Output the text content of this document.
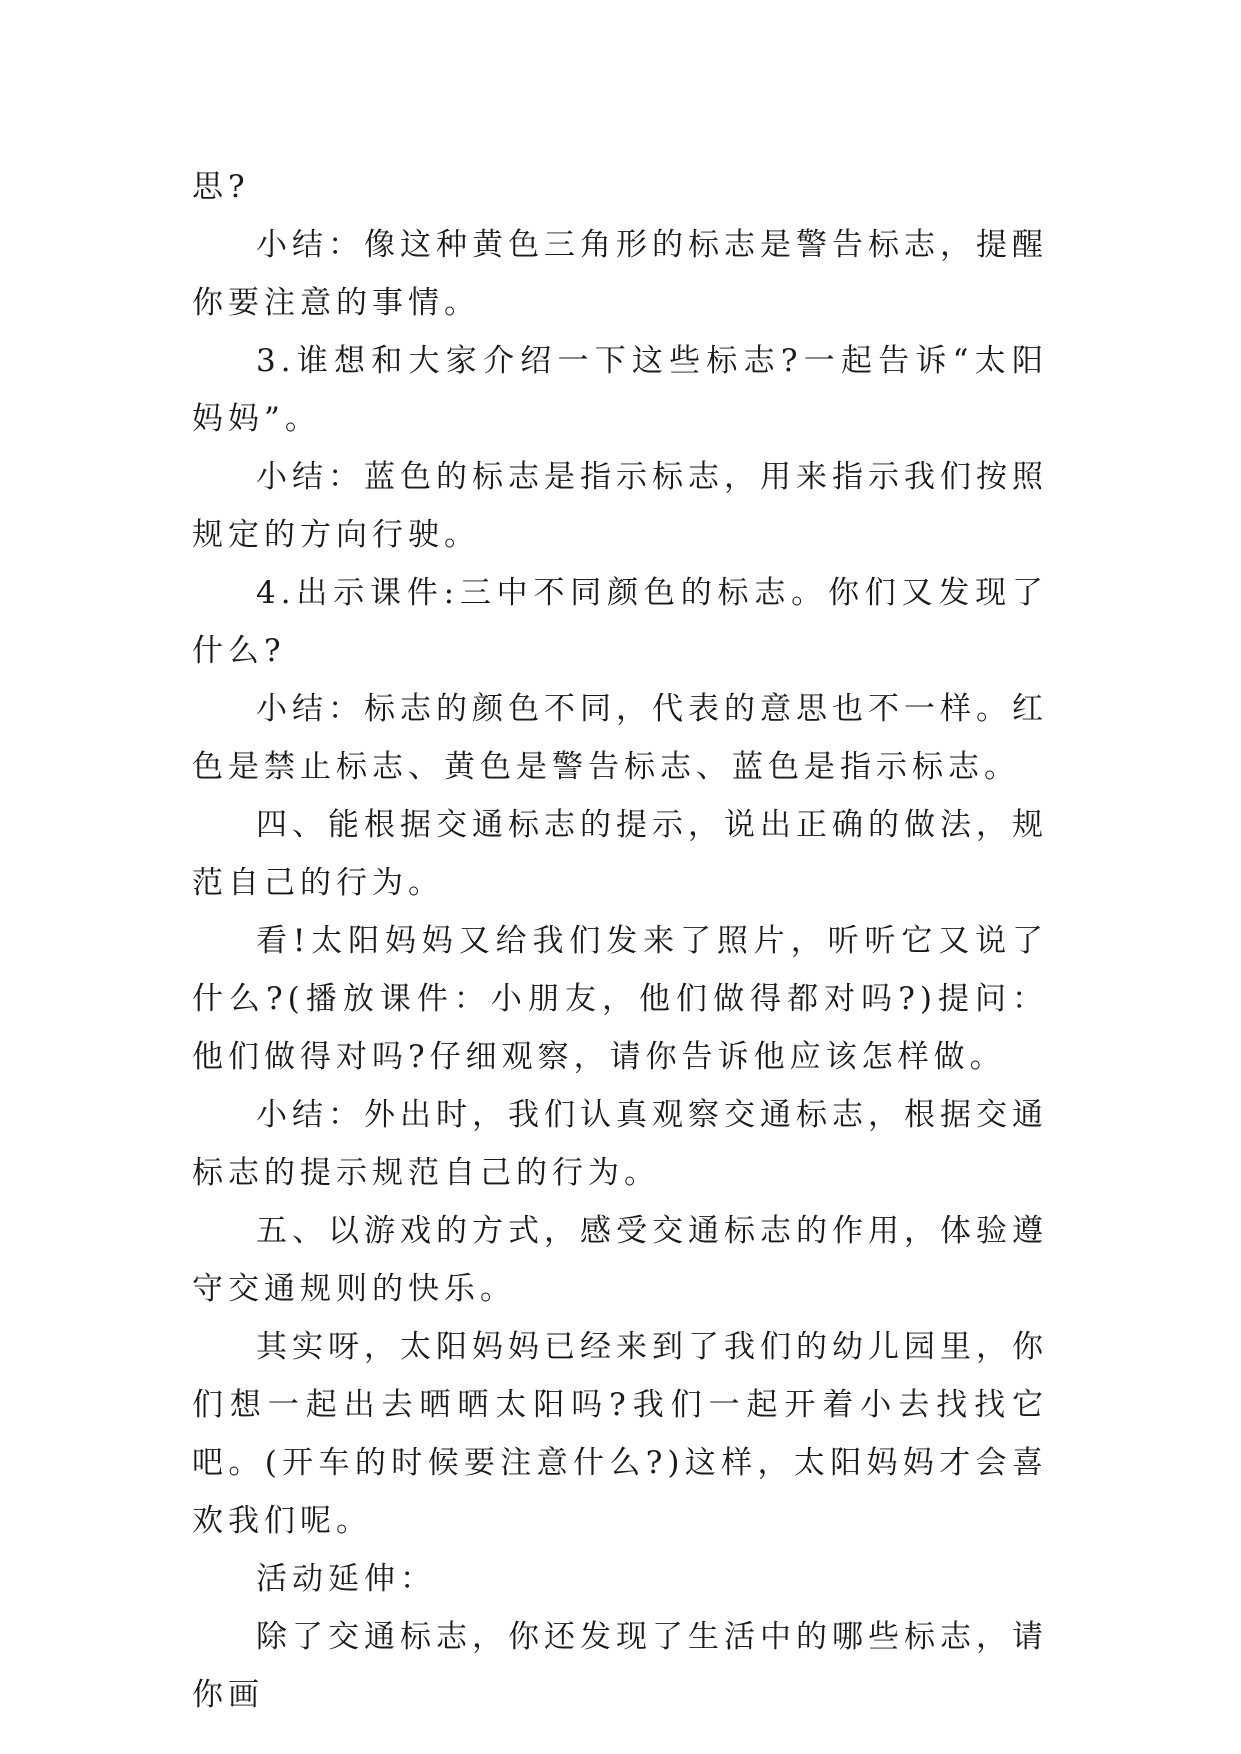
思?

小结：像这种黄色三角形的标志是警告标志，提醒你要注意的事情。

3.谁想和大家介绍一下这些标志?一起告诉“太阳妈妈”。

小结：蓝色的标志是指示标志，用来指示我们按照规定的方向行驶。

4.出示课件:三中不同颜色的标志。你们又发现了什么?

小结：标志的颜色不同，代表的意思也不一样。红色是禁止标志、黄色是警告标志、蓝色是指示标志。

四、能根据交通标志的提示，说出正确的做法，规范自己的行为。

看!太阳妈妈又给我们发来了照片，听听它又说了什么?(播放课件：小朋友，他们做得都对吗?)提问：他们做得对吗?仔细观察，请你告诉他应该怎样做。

小结：外出时，我们认真观察交通标志，根据交通标志的提示规范自己的行为。

五、以游戏的方式，感受交通标志的作用，体验遵守交通规则的快乐。

其实呀，太阳妈妈已经来到了我们的幼儿园里，你们想一起出去晒晒太阳吗?我们一起开着小去找找它吧。(开车的时候要注意什么?)这样，太阳妈妈才会喜欢我们呢。

活动延伸：

除了交通标志，你还发现了生活中的哪些标志，请你画
